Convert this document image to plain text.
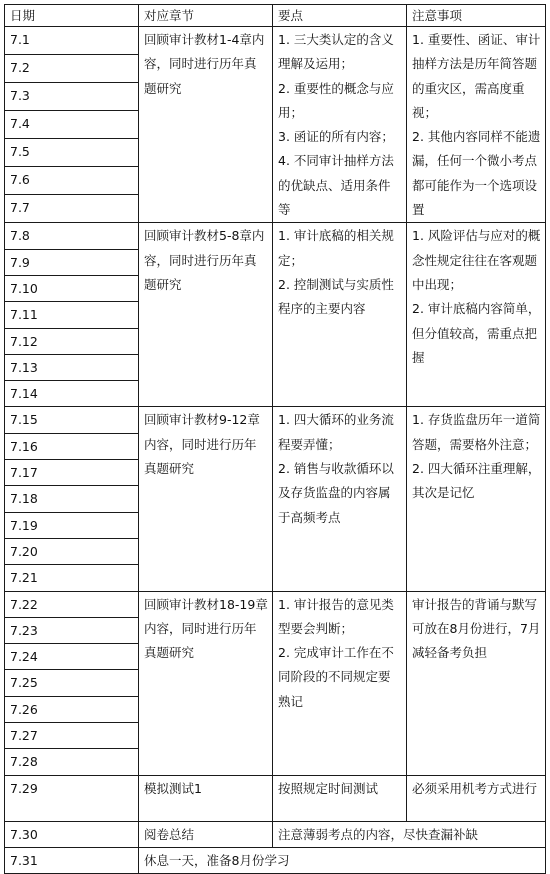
日期	对应章节	要点	注意事项
7.1	回顾审计教材1-4章内容，同时进行历年真题研究	1. 三大类认定的含义理解及运用；
2. 重要性的概念与应用；
3. 函证的所有内容；
4. 不同审计抽样方法的优缺点、适用条件等	1. 重要性、函证、审计抽样方法是历年简答题的重灾区，需高度重视；
2. 其他内容同样不能遗漏，任何一个微小考点都可能作为一个选项设置

7.2			
7.3			
7.4			
7.5			
7.6			
7.7			
7.8	回顾审计教材5-8章内容，同时进行历年真题研究	1. 审计底稿的相关规定；
2. 控制测试与实质性程序的主要内容	1. 风险评估与应对的概念性规定往往在客观题中出现；
2. 审计底稿内容简单，但分值较高，需重点把握

7.9			
7.10			
7.11			
7.12			
7.13			
7.14			
7.15	回顾审计教材9-12章内容，同时进行历年真题研究	1. 四大循环的业务流程要弄懂；
2. 销售与收款循环以及存货监盘的内容属于高频考点	1. 存货监盘历年一道简答题，需要格外注意；
2. 四大循环注重理解，其次是记忆

7.16			
7.17			
7.18			
7.19			
7.20			
7.21			
7.22	回顾审计教材18-19章内容，同时进行历年真题研究	1. 审计报告的意见类型要会判断；
2. 完成审计工作在不同阶段的不同规定要熟记	审计报告的背诵与默写可放在8月份进行，7月减轻备考负担

7.23			
7.24			
7.25			
7.26			
7.27			
7.28			
7.29	模拟测试1	按照规定时间测试	必须采用机考方式进行
7.30	阅卷总结	注意薄弱考点的内容，尽快查漏补缺	
7.31	休息一天，准备8月份学习		
